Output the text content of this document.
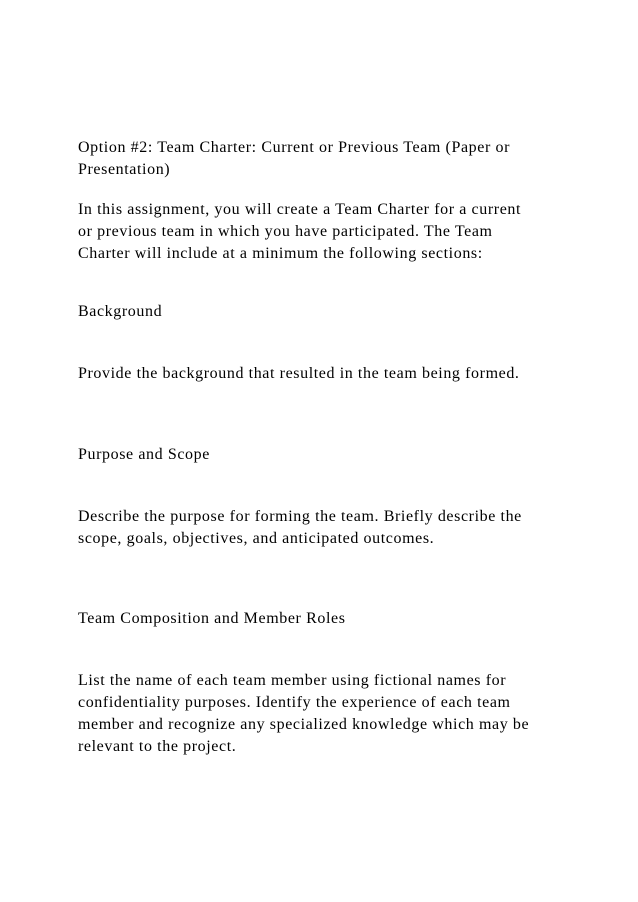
Option #2: Team Charter: Current or Previous Team (Paper or

Presentation)

In this assignment, you will create a Team Charter for a current

or previous team in which you have participated. The Team

Charter will include at a minimum the following sections:

Background

Provide the background that resulted in the team being formed.

Purpose and Scope

Describe the purpose for forming the team. Briefly describe the

scope, goals, objectives, and anticipated outcomes.

Team Composition and Member Roles

List the name of each team member using fictional names for

confidentiality purposes. Identify the experience of each team

member and recognize any specialized knowledge which may be

relevant to the project.
